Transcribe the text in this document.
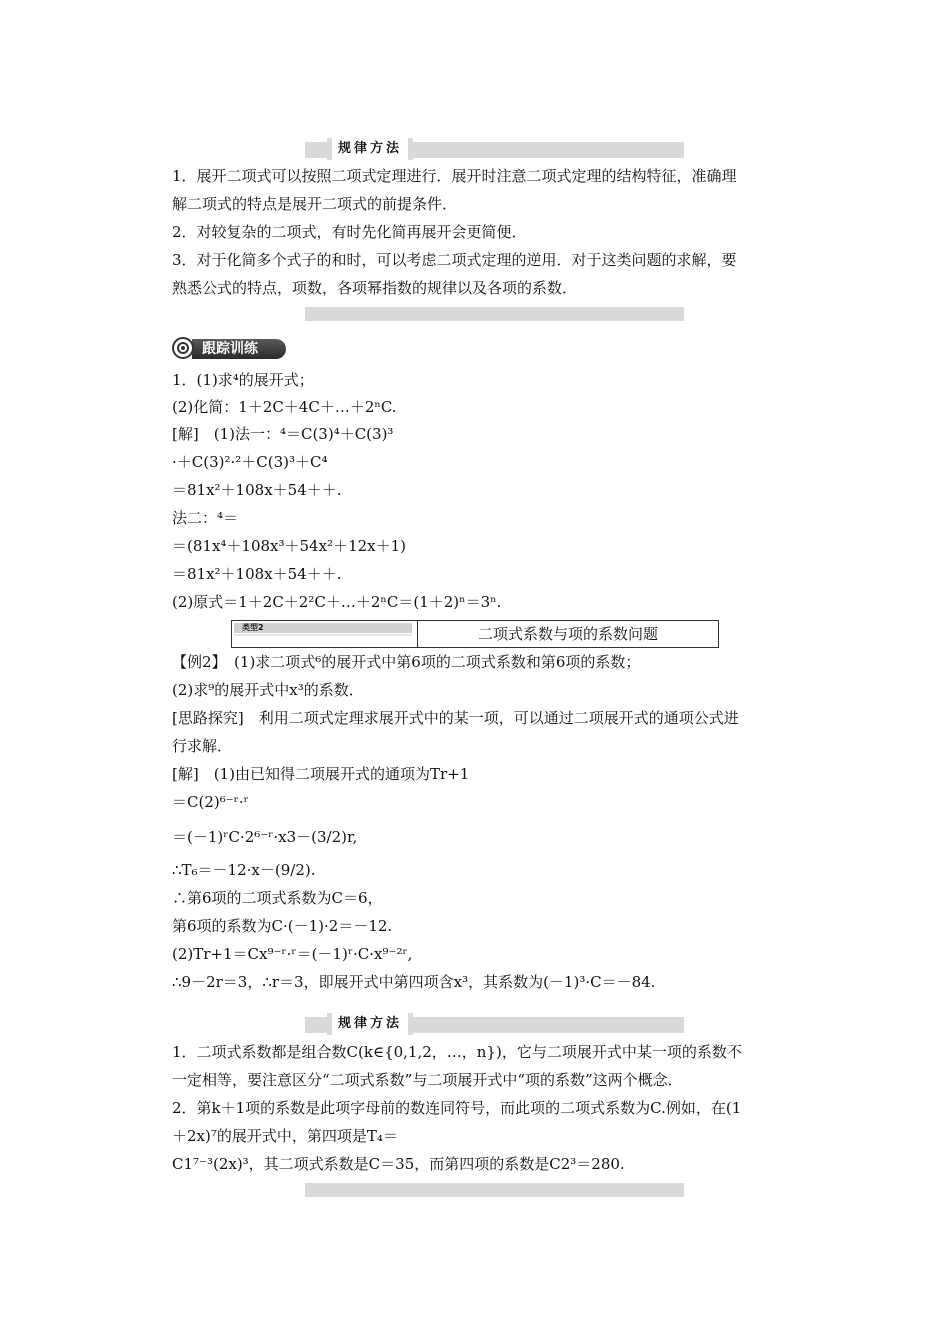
规律方法
1．展开二项式可以按照二项式定理进行．展开时注意二项式定理的结构特征，准确理
解二项式的特点是展开二项式的前提条件．
2．对较复杂的二项式，有时先化简再展开会更简便．
3．对于化简多个式子的和时，可以考虑二项式定理的逆用．对于这类问题的求解，要
熟悉公式的特点，项数，各项幂指数的规律以及各项的系数．
跟踪训练
1．(1)求⁴的展开式；
(2)化简：1＋2C＋4C＋…＋2ⁿC.
[解]　(1)法一：⁴＝C(3)⁴＋C(3)³
·＋C(3)²·²＋C(3)³＋C⁴
＝81x²＋108x＋54＋＋.
法二：⁴＝
＝(81x⁴＋108x³＋54x²＋12x＋1)
＝81x²＋108x＋54＋＋.
(2)原式＝1＋2C＋2²C＋…＋2ⁿC＝(1＋2)ⁿ＝3ⁿ.
类型2	二项式系数与项的系数问题
【例2】　(1)求二项式⁶的展开式中第6项的二项式系数和第6项的系数；
(2)求⁹的展开式中x³的系数．
[思路探究]　利用二项式定理求展开式中的某一项，可以通过二项展开式的通项公式进
行求解．
[解]　(1)由已知得二项展开式的通项为Tr+1
＝C(2)⁶⁻ʳ·ʳ
＝(－1)ʳC·2⁶⁻ʳ·x3－(3/2)r,
∴T₆＝－12·x－(9/2).
∴第6项的二项式系数为C＝6，
第6项的系数为C·(－1)·2＝－12.
(2)Tr+1＝Cx⁹⁻ʳ·ʳ＝(－1)ʳ·C·x⁹⁻²ʳ,
∴9－2r＝3，∴r＝3，即展开式中第四项含x³，其系数为(－1)³·C＝－84.
规律方法
1．二项式系数都是组合数C(k∈{0,1,2，…，n})，它与二项展开式中某一项的系数不
一定相等，要注意区分“二项式系数”与二项展开式中“项的系数”这两个概念．
2．第k＋1项的系数是此项字母前的数连同符号，而此项的二项式系数为C.例如，在(1
＋2x)⁷的展开式中，第四项是T₄＝
C1⁷⁻³(2x)³，其二项式系数是C＝35，而第四项的系数是C2³＝280.
